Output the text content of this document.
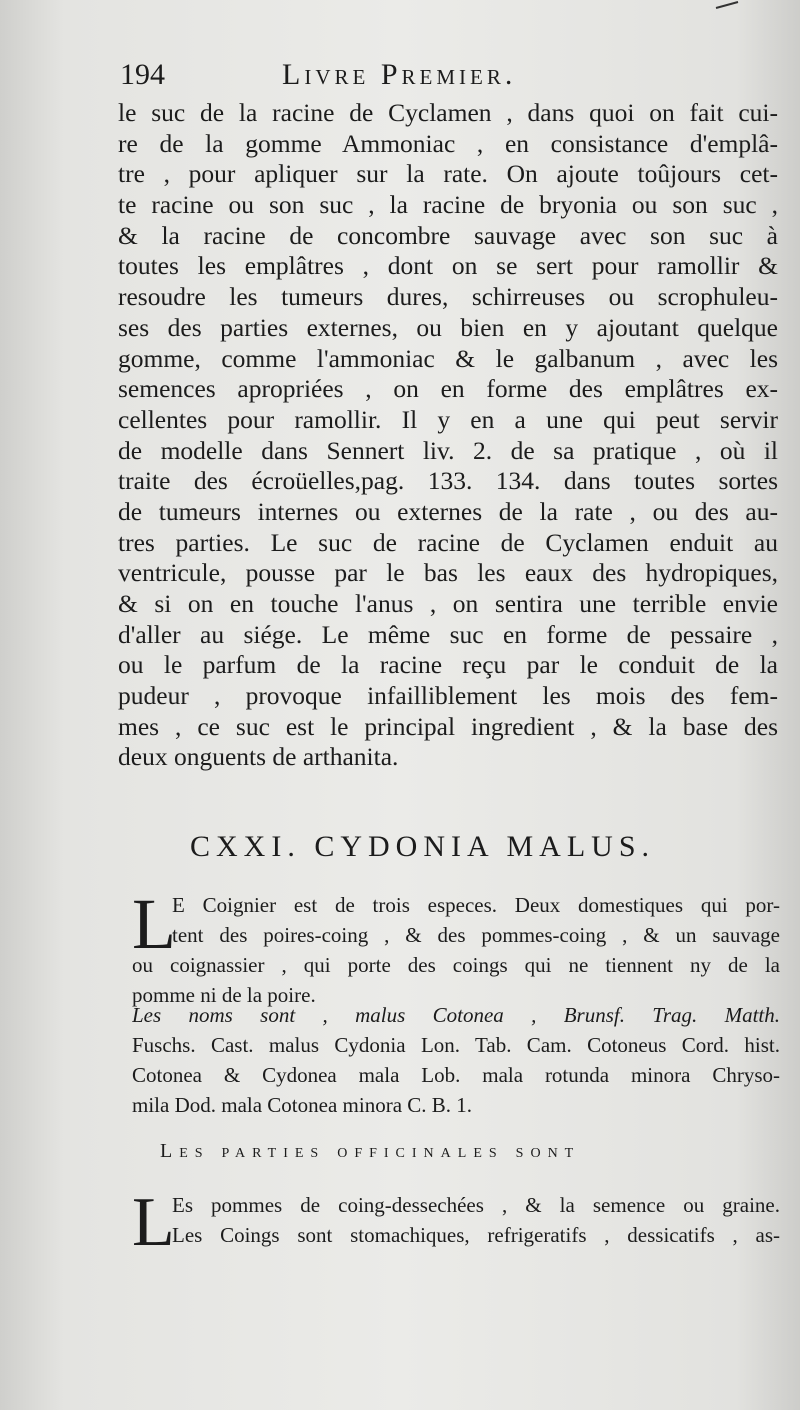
194	Livre Premier.
le suc de la racine de Cyclamen , dans quoi on fait cui-
re de la gomme Ammoniac , en consistance d'emplâ-
tre , pour apliquer sur la rate. On ajoute toûjours cet-
te racine ou son suc , la racine de bryonia ou son suc ,
& la racine de concombre sauvage avec son suc à
toutes les emplâtres , dont on se sert pour ramollir &
resoudre les tumeurs dures, schirreuses ou scrophuleu-
ses des parties externes, ou bien en y ajoutant quelque
gomme, comme l'ammoniac & le galbanum , avec les
semences apropriées , on en forme des emplâtres ex-
cellentes pour ramollir. Il y en a une qui peut servir
de modelle dans Sennert liv. 2. de sa pratique , où il
traite des écroüelles,pag. 133. 134. dans toutes sortes
de tumeurs internes ou externes de la rate , ou des au-
tres parties. Le suc de racine de Cyclamen enduit au
ventricule, pousse par le bas les eaux des hydropiques,
& si on en touche l'anus , on sentira une terrible envie
d'aller au siége. Le même suc en forme de pessaire ,
ou le parfum de la racine reçu par le conduit de la
pudeur , provoque infailliblement les mois des fem-
mes , ce suc est le principal ingredient , & la base des
deux onguents de arthanita.
CXXI. CYDONIA MALUS.
L
E Coignier est de trois especes. Deux domestiques qui por-
tent des poires-coing , & des pommes-coing , & un sauvage
ou coignassier , qui porte des coings qui ne tiennent ny de la
pomme ni de la poire.
Les noms sont , malus Cotonea , Brunsf. Trag. Matth.
Fuschs. Cast. malus Cydonia Lon. Tab. Cam. Cotoneus Cord. hist.
Cotonea & Cydonea mala Lob. mala rotunda minora Chryso-
mila Dod. mala Cotonea minora C. B. 1.
Les parties officinales sont
L
Es pommes de coing-dessechées , & la semence ou graine.
Les Coings sont stomachiques, refrigeratifs , dessicatifs , as-
